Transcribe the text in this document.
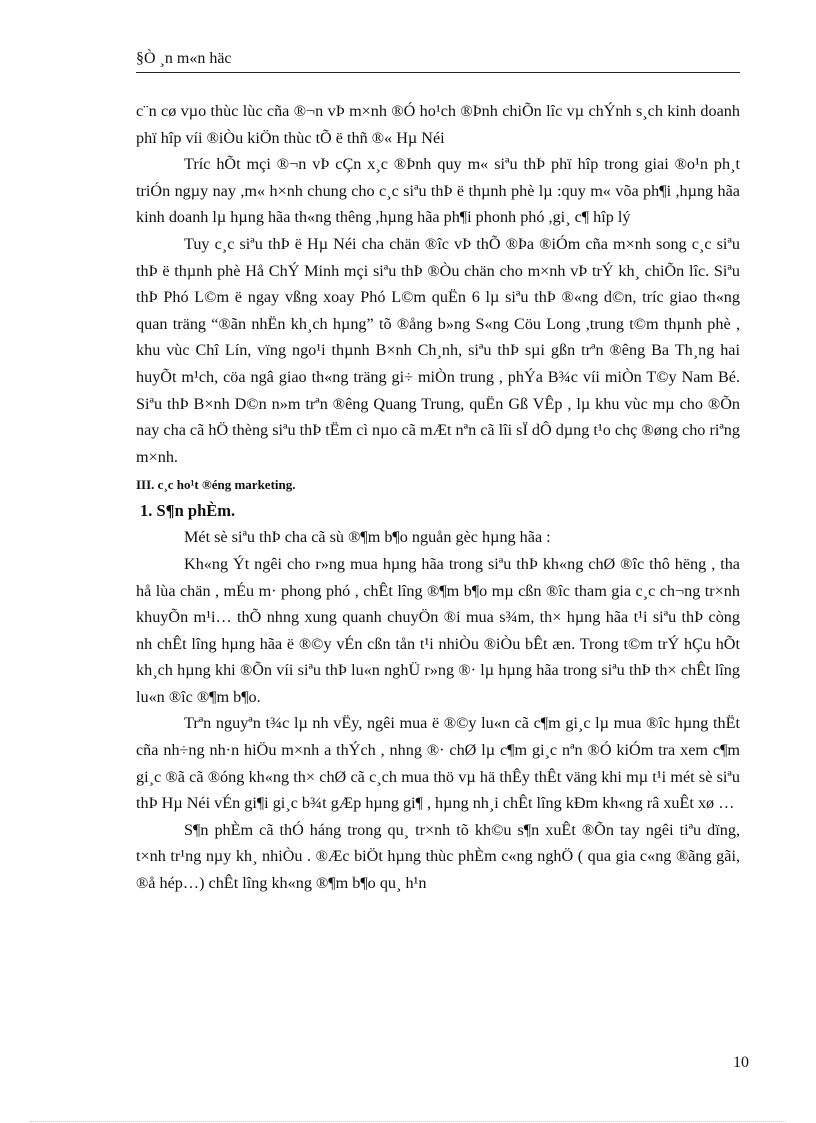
§Ò ¸n m«n häc

c¨n cø vµo thùc lùc cña ®¬n vÞ m×nh ®Ó ho¹ch ®Þnh chiÕn lîc vµ chÝnh s¸ch kinh doanh phï hîp víi ®iÒu kiÖn thùc tÕ ë thñ ®« Hµ Néi

Tríc hÕt mçi ®¬n vÞ cÇn x¸c ®Þnh quy m« siªu thÞ phï hîp trong giai ®o¹n ph¸t triÓn ngµy nay ,m« h×nh chung cho c¸c siªu thÞ ë thµnh phè lµ :quy m« võa ph¶i ,hµng hãa kinh doanh lµ hµng hãa th«ng thêng ,hµng hãa ph¶i phonh phó ,gi¸ c¶ hîp lý

Tuy c¸c siªu thÞ ë Hµ Néi cha chän ®îc vÞ thÕ ®Þa ®iÓm cña m×nh song c¸c siªu thÞ ë thµnh phè Hå ChÝ Minh mçi siªu thÞ ®Òu chän cho m×nh vÞ trÝ kh¸ chiÕn lîc. Siªu thÞ Phó L©m ë ngay vßng xoay Phó L©m quËn 6 lµ siªu thÞ ®«ng d©n, tríc giao th«ng quan träng “®ãn nhËn kh¸ch hµng” tõ ®ång b»ng S«ng Cöu Long ,trung t©m thµnh phè , khu vùc Chî Lín, vïng ngo¹i thµnh B×nh Ch¸nh, siªu thÞ sµi gßn trªn ®êng Ba Th¸ng hai huyÕt m¹ch, cöa ngâ giao th«ng träng gi÷ miÒn trung , phÝa B¾c víi miÒn T©y Nam Bé. Siªu thÞ B×nh D©n n»m trªn ®êng Quang Trung, quËn Gß VÊp , lµ khu vùc mµ cho ®Õn nay cha cã hÖ thèng siªu thÞ tËm cì nµo cã mÆt nªn cã lîi sÏ dÔ dµng t¹o chç ®øng cho riªng m×nh.

III. c¸c ho¹t ®éng marketing.

1. S¶n phÈm.

Mét sè siªu thÞ cha cã sù ®¶m b¶o nguån gèc hµng hãa :

Kh«ng Ýt ngêi cho r»ng mua hµng hãa trong siªu thÞ kh«ng chØ ®îc thô hëng , tha hå lùa chän , mÉu m· phong phó , chÊt lîng ®¶m b¶o mµ cßn ®îc tham gia c¸c ch¬ng tr×nh khuyÕn m¹i… thÕ nhng xung quanh chuyÖn ®i mua s¾m, th× hµng hãa t¹i siªu thÞ còng nh chÊt lîng hµng hãa ë ®©y vÉn cßn tån t¹i nhiÒu ®iÒu bÊt æn. Trong t©m trÝ hÇu hÕt kh¸ch hµng khi ®Õn víi siªu thÞ lu«n nghÜ r»ng ®· lµ hµng hãa trong siªu thÞ th× chÊt lîng lu«n ®îc ®¶m b¶o.

Trªn nguyªn t¾c lµ nh vËy, ngêi mua ë ®©y lu«n cã c¶m gi¸c lµ mua ®îc hµng thËt cña nh÷ng nh·n hiÖu m×nh a thÝch , nhng ®· chØ lµ c¶m gi¸c nªn ®Ó kiÓm tra xem c¶m gi¸c ®ã cã ®óng kh«ng th× chØ cã c¸ch mua thö vµ hä thÊy thÊt väng khi mµ t¹i mét sè siªu thÞ Hµ Néi vÉn gi¶i gi¸c b¾t gÆp hµng gi¶ , hµng nh¸i chÊt lîng kÐm kh«ng râ xuÊt xø …

S¶n phÈm cã thÓ háng trong qu¸ tr×nh tõ kh©u s¶n xuÊt ®Õn tay ngêi tiªu dïng, t×nh tr¹ng nµy kh¸ nhiÒu . ®Æc biÖt hµng thùc phÈm c«ng nghÖ ( qua gia c«ng ®ãng gãi, ®å hép…) chÊt lîng kh«ng ®¶m b¶o qu¸ h¹n

10
